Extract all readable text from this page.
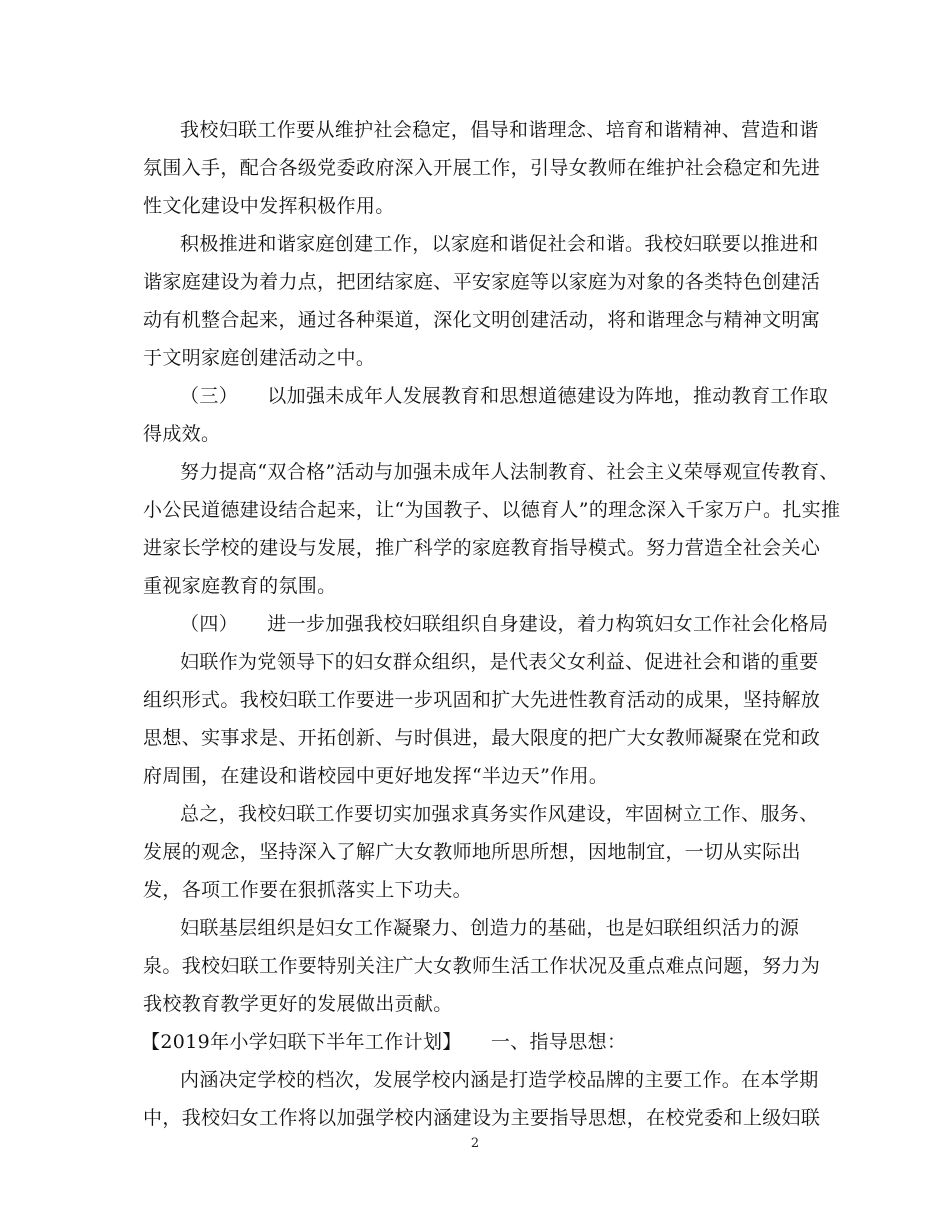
我校妇联工作要从维护社会稳定，倡导和谐理念、培育和谐精神、营造和谐
氛围入手，配合各级党委政府深入开展工作，引导女教师在维护社会稳定和先进
性文化建设中发挥积极作用。
积极推进和谐家庭创建工作，以家庭和谐促社会和谐。我校妇联要以推进和
谐家庭建设为着力点，把团结家庭、平安家庭等以家庭为对象的各类特色创建活
动有机整合起来，通过各种渠道，深化文明创建活动，将和谐理念与精神文明寓
于文明家庭创建活动之中。
（三）　　以加强未成年人发展教育和思想道德建设为阵地，推动教育工作取
得成效。
努力提高“双合格”活动与加强未成年人法制教育、社会主义荣辱观宣传教育、
小公民道德建设结合起来，让“为国教子、以德育人”的理念深入千家万户。扎实推
进家长学校的建设与发展，推广科学的家庭教育指导模式。努力营造全社会关心
重视家庭教育的氛围。
（四）　　进一步加强我校妇联组织自身建设，着力构筑妇女工作社会化格局
妇联作为党领导下的妇女群众组织，是代表父女利益、促进社会和谐的重要
组织形式。我校妇联工作要进一步巩固和扩大先进性教育活动的成果，坚持解放
思想、实事求是、开拓创新、与时俱进，最大限度的把广大女教师凝聚在党和政
府周围，在建设和谐校园中更好地发挥“半边天”作用。
总之，我校妇联工作要切实加强求真务实作风建设，牢固树立工作、服务、
发展的观念，坚持深入了解广大女教师地所思所想，因地制宜，一切从实际出
发，各项工作要在狠抓落实上下功夫。
妇联基层组织是妇女工作凝聚力、创造力的基础，也是妇联组织活力的源
泉。我校妇联工作要特别关注广大女教师生活工作状况及重点难点问题，努力为
我校教育教学更好的发展做出贡献。
【2019年小学妇联下半年工作计划】　　一、指导思想：
内涵决定学校的档次，发展学校内涵是打造学校品牌的主要工作。在本学期
中，我校妇女工作将以加强学校内涵建设为主要指导思想，在校党委和上级妇联
2
